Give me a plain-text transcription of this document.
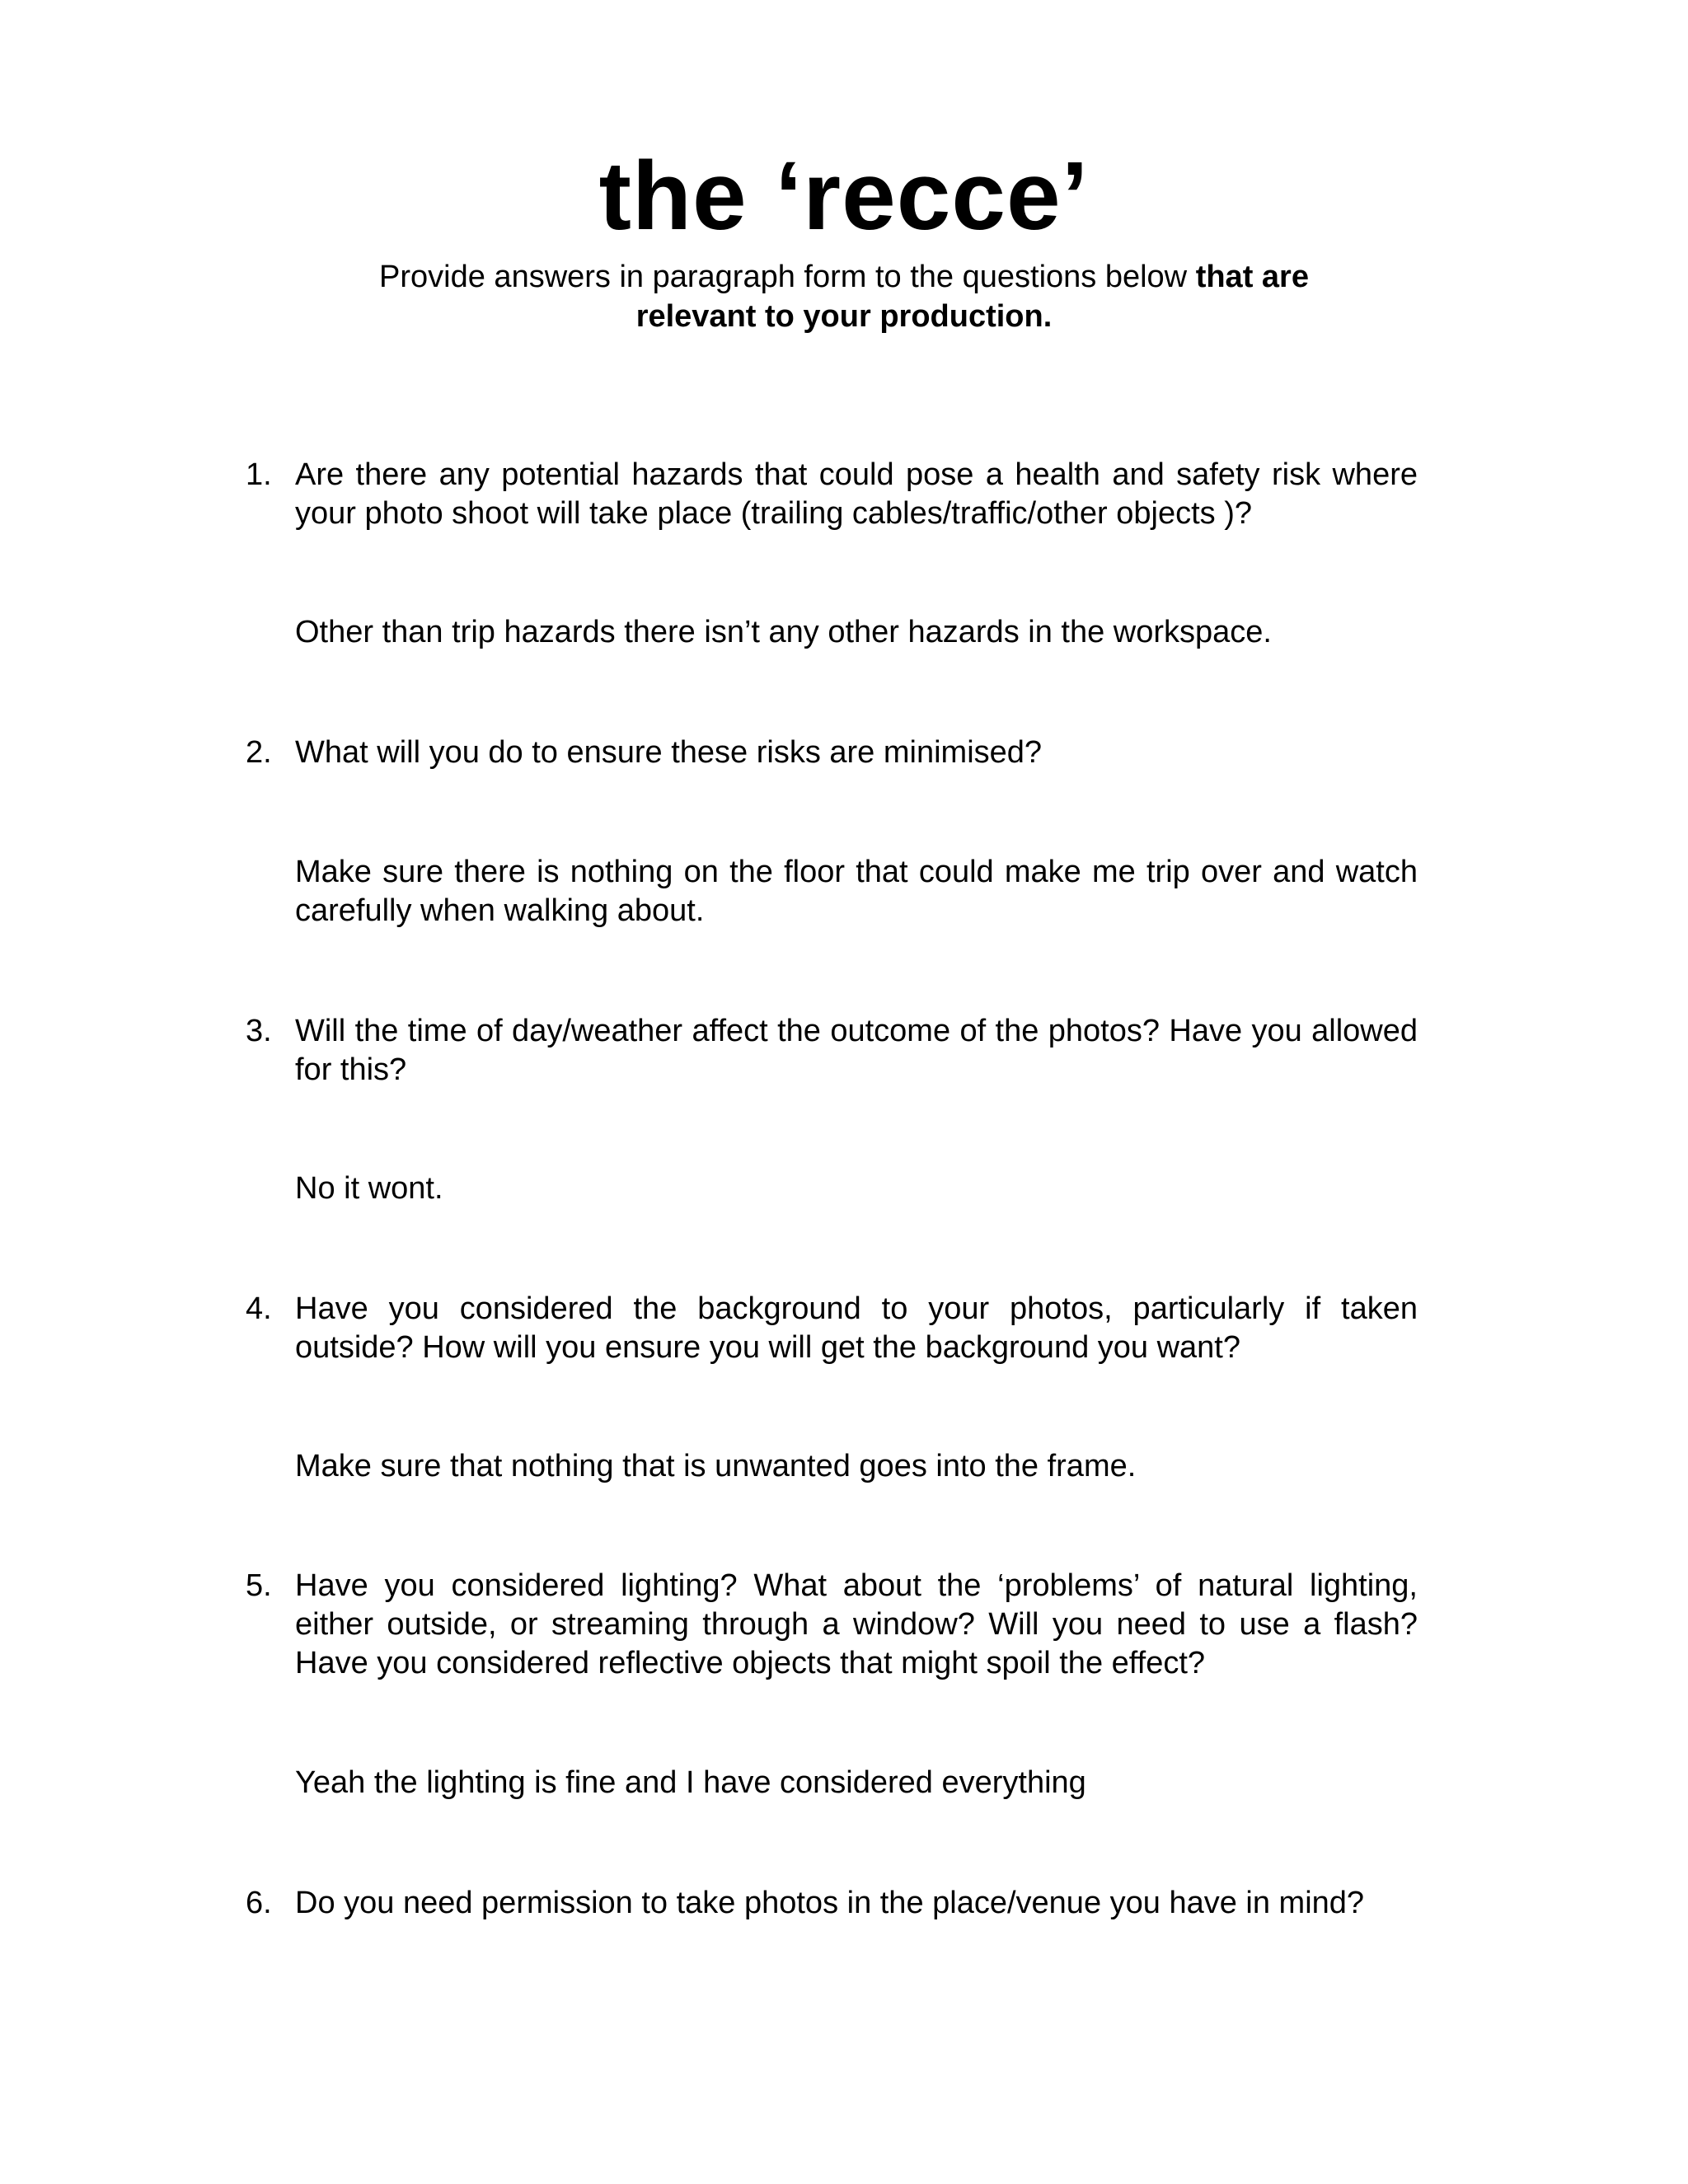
the ‘recce’
Provide answers in paragraph form to the questions below that are relevant to your production.
1. Are there any potential hazards that could pose a health and safety risk where your photo shoot will take place (trailing cables/traffic/other objects )?
Other than trip hazards there isn’t any other hazards in the workspace.
2. What will you do to ensure these risks are minimised?
Make sure there is nothing on the floor that could make me trip over and watch carefully when walking about.
3. Will the time of day/weather affect the outcome of the photos? Have you allowed for this?
No it wont.
4. Have you considered the background to your photos, particularly if taken outside? How will you ensure you will get the background you want?
Make sure that nothing that is unwanted goes into the frame.
5. Have you considered lighting? What about the ‘problems’ of natural lighting, either outside, or streaming through a window? Will you need to use a flash? Have you considered reflective objects that might spoil the effect?
Yeah the lighting is fine and I have considered everything
6. Do you need permission to take photos in the place/venue you have in mind?
